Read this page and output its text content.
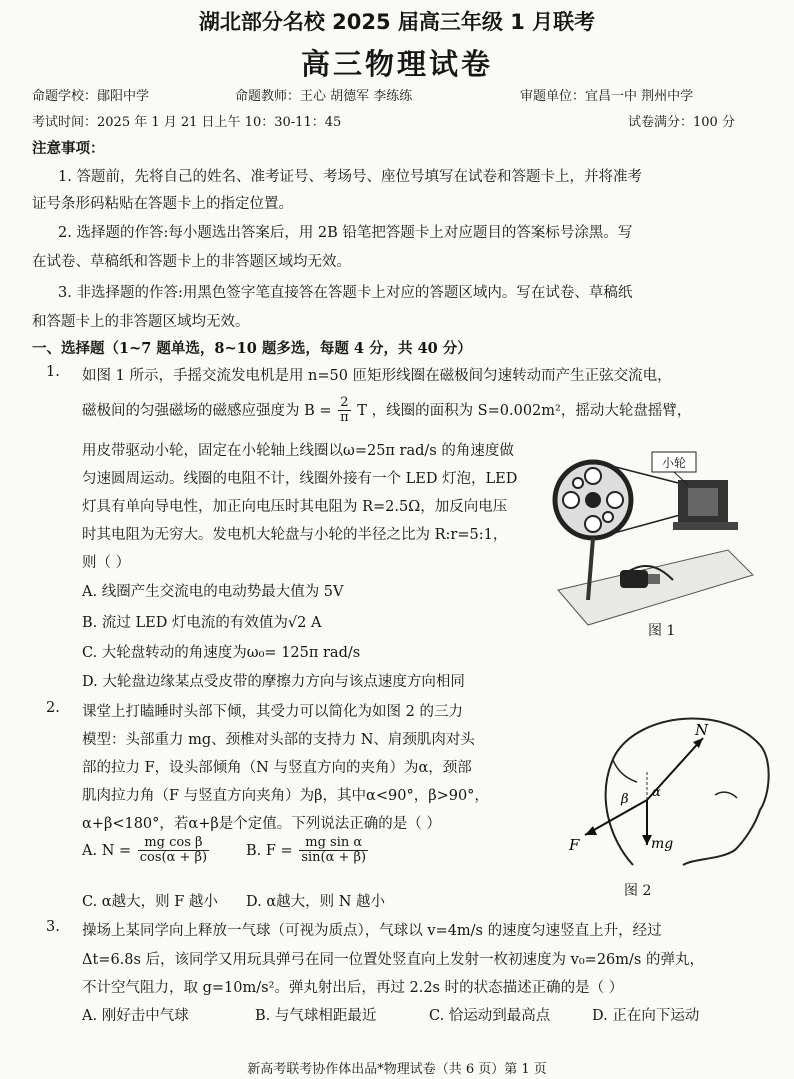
湖北部分名校 2025 届高三年级 1 月联考
高三物理试卷
命题学校：鄖阳中学	命题教师：王心 胡德军 李练练	审题单位：宜昌一中 荆州中学
考试时间：2025 年 1 月 21 日上午 10：30-11：45	试卷满分：100 分
注意事项：
1. 答题前，先将自己的姓名、准考证号、考场号、座位号填写在试卷和答题卡上，并将准考
证号条形码粘贴在答题卡上的指定位置。
2. 选择题的作答:每小题选出答案后，用 2B 铅笔把答题卡上对应题目的答案标号涂黑。写
在试卷、草稿纸和答题卡上的非答题区域均无效。
3. 非选择题的作答:用黑色签字笔直接答在答题卡上对应的答题区域内。写在试卷、草稿纸
和答题卡上的非答题区域均无效。
一、选择题（1~7 题单选，8~10 题多选，每题 4 分，共 40 分）
1. 如图 1 所示，手摇交流发电机是用 n=50 匝矩形线圈在磁极间匀速转动而产生正弦交流电，
磁极间的匀强磁场的磁感应强度为 $B = \frac{2}{\pi}$ T ，线圈的面积为 S=0.002m²，摇动大轮盘摇臂，
用皮带驱动小轮，固定在小轮轴上线圈以ω=25π rad/s 的角速度做
匀速圆周运动。线圈的电阻不计，线圈外接有一个 LED 灯泡，LED
灯具有单向导电性，加正向电压时其电阻为 R=2.5Ω，加反向电压
时其电阻为无穷大。发电机大轮盘与小轮的半径之比为 R:r=5:1，
则（ ）
A. 线圈产生交流电的电动势最大值为 5V
B. 流过 LED 灯电流的有效值为√2 A
C. 大轮盘转动的角速度为ω₀= 125π rad/s
D. 大轮盘边缘某点受皮带的摩擦力方向与该点速度方向相同
小轮
图 1
2. 课堂上打瞌睡时头部下倾，其受力可以简化为如图 2 的三力
模型：头部重力 mg、颈椎对头部的支持力 N、肩颈肌肉对头
部的拉力 F，设头部倾角（N 与竖直方向的夹角）为α，颈部
肌肉拉力角（F 与竖直方向夹角）为β，其中α<90°，β>90°，
α+β<180°，若α+β是个定值。下列说法正确的是（ ）
A. $N = \frac{\text{mg cos β}}{\cos(\alpha + \beta)}$	B. $F = \frac{\text{mg sin α}}{\sin(\alpha + \beta)}$
C. α越大，则 F 越小 D. α越大，则 N 越小
N
F	mg
α
β
图 2
3. 操场上某同学向上释放一气球（可视为质点），气球以 v=4m/s 的速度匀速竖直上升，经过
Δt=6.8s 后，该同学又用玩具弹弓在同一位置处竖直向上发射一枚初速度为 v₀=26m/s 的弹丸，
不计空气阻力，取 g=10m/s²。弹丸射出后，再过 2.2s 时的状态描述正确的是（ ）
A. 刚好击中气球	B. 与气球相距最近	C. 恰运动到最高点	D. 正在向下运动
新高考联考协作体出品*物理试卷（共 6 页）第 1 页
